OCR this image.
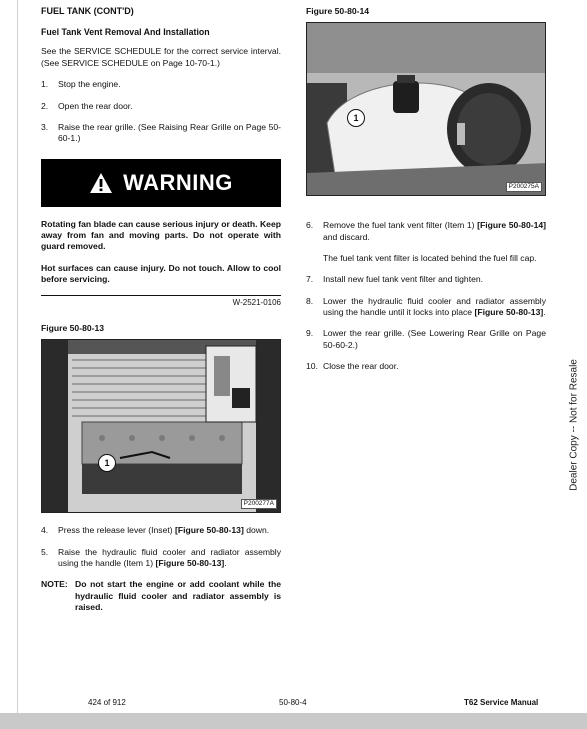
FUEL TANK (CONT'D)
Fuel Tank Vent Removal And Installation

See the SERVICE SCHEDULE for the correct service interval. (See SERVICE SCHEDULE on Page 10-70-1.)

1.	Stop the engine.
2.	Open the rear door.
3.	Raise the rear grille. (See Raising Rear Grille on Page 50-60-1.)
WARNING
Rotating fan blade can cause serious injury or death. Keep away from fan and moving parts. Do not operate with guard removed.
Hot surfaces can cause injury. Do not touch. Allow to cool before servicing.
W-2521-0106
Figure 50-80-13
1
P200277A
4.	Press the release lever (Inset) [Figure 50-80-13] down.
5.	Raise the hydraulic fluid cooler and radiator assembly using the handle (Item 1) [Figure 50-80-13].
NOTE: Do not start the engine or add coolant while the hydraulic fluid cooler and radiator assembly is raised.
Figure 50-80-14
1
P200275A
6.	Remove the fuel tank vent filter (Item 1) [Figure 50-80-14] and discard.

The fuel tank vent filter is located behind the fuel fill cap.

7.	Install new fuel tank vent filter and tighten.
8.	Lower the hydraulic fluid cooler and radiator assembly using the handle until it locks into place [Figure 50-80-13].
9.	Lower the rear grille. (See Lowering Rear Grille on Page 50-60-2.)
10. Close the rear door.	Dealer Copy -- Not for Resale
424 of 912	50-80-4	T62 Service Manual
